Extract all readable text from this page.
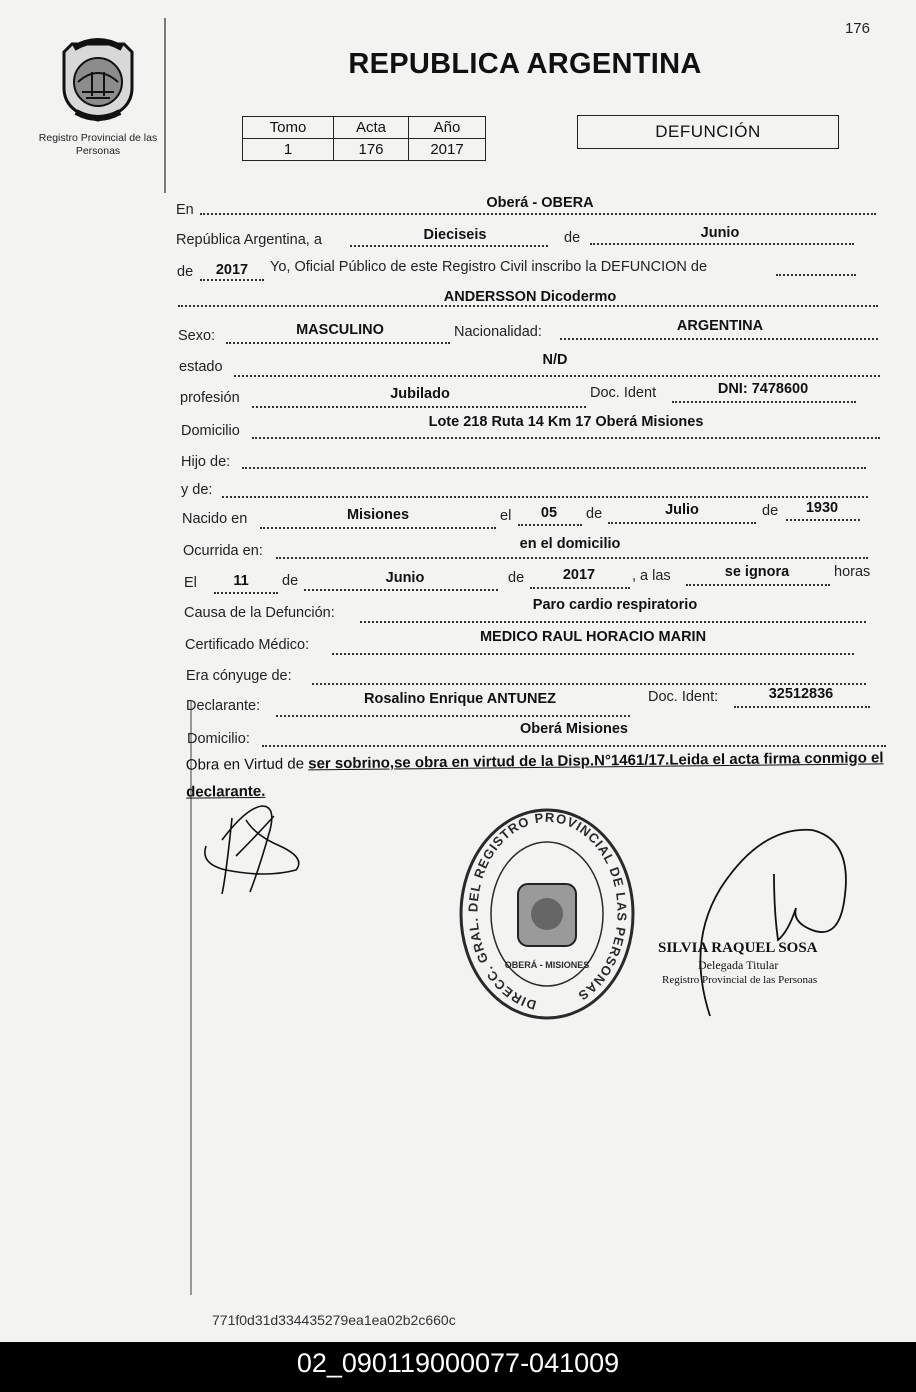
176
Registro Provincial de las Personas
REPUBLICA ARGENTINA
Tomo	Acta	Año
1	176	2017
DEFUNCIÓN
En	Oberá - OBERA
República Argentina, a	Dieciseis	de	Junio
de	2017	Yo, Oficial Público de este Registro Civil inscribo la DEFUNCION de
ANDERSSON Dicodermo
Sexo:	MASCULINO	Nacionalidad:	ARGENTINA
estado	N/D
profesión	Jubilado	Doc. Ident	DNI: 7478600
Domicilio
Lote 218 Ruta 14 Km 17 Oberá Misiones
Hijo de:
y de:
Nacido en	Misiones	el	05	de	Julio	de	1930
Ocurrida en:	en el domicilio
El	11	de	Junio	de	2017	, a las	se ignora	horas
Causa de la Defunción:	Paro cardio respiratorio
Certificado Médico:	MEDICO RAUL HORACIO MARIN
Era cónyuge de:
Declarante:	Rosalino Enrique ANTUNEZ	Doc. Ident:	32512836
Domicilio:
Oberá Misiones
Obra en Virtud de ser sobrino,se obra en virtud de la Disp.N°1461/17.Leida el acta firma conmigo el declarante.
DIRECC. GRAL. DEL REGISTRO PROVINCIAL DE LAS PERSONAS
OBERÁ - MISIONES
SILVIA RAQUEL SOSA
Delegada Titular
Registro Provincial de las Personas
771f0d31d334435279ea1ea02b2c660c
02_090119000077-041009
